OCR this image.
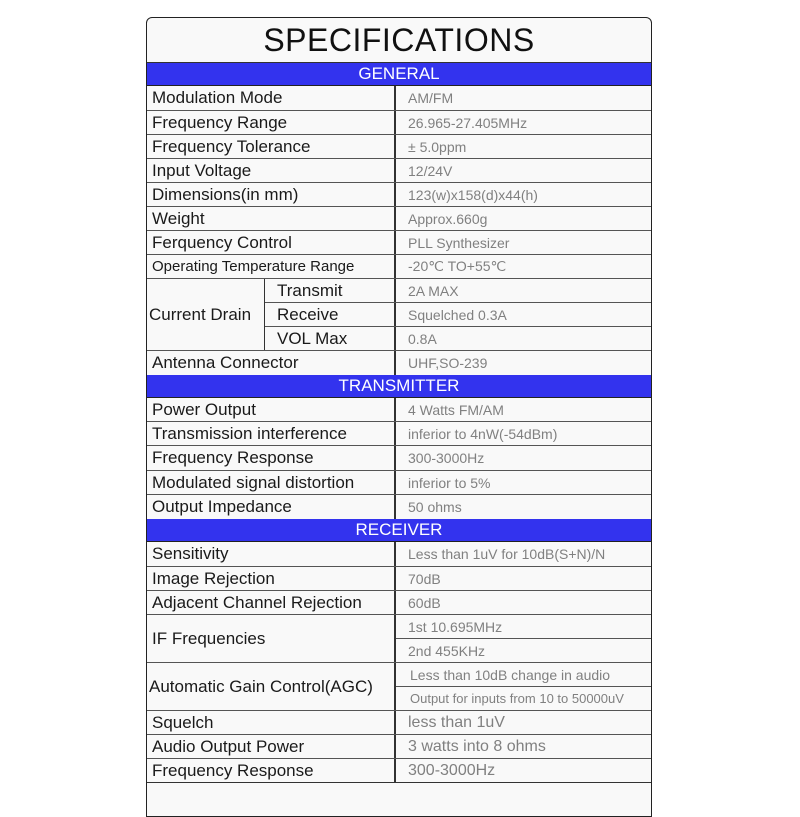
SPECIFICATIONS
GENERAL
Modulation Mode	AM/FM
Frequency Range	26.965-27.405MHz
Frequency Tolerance	± 5.0ppm
Input Voltage	12/24V
Dimensions(in mm)	123(w)x158(d)x44(h)
Weight	Approx.660g
Ferquency Control	PLL Synthesizer
Operating Temperature Range	-20℃ TO+55℃
Current Drain
Transmit	2A MAX
Receive	Squelched 0.3A
VOL Max	0.8A
Antenna Connector	UHF,SO-239
TRANSMITTER
Power Output	4 Watts FM/AM
Transmission interference	inferior to 4nW(-54dBm)
Frequency Response	300-3000Hz
Modulated signal distortion	inferior to 5%
Output Impedance	50 ohms
RECEIVER
Sensitivity	Less than 1uV for 10dB(S+N)/N
Image Rejection	70dB
Adjacent Channel Rejection	60dB
IF Frequencies
1st 10.695MHz
2nd 455KHz
Automatic Gain Control(AGC)
Less than 10dB change in audio
Output for inputs from 10 to 50000uV
Squelch	less than 1uV
Audio Output Power	3 watts into 8 ohms
Frequency Response	300-3000Hz
